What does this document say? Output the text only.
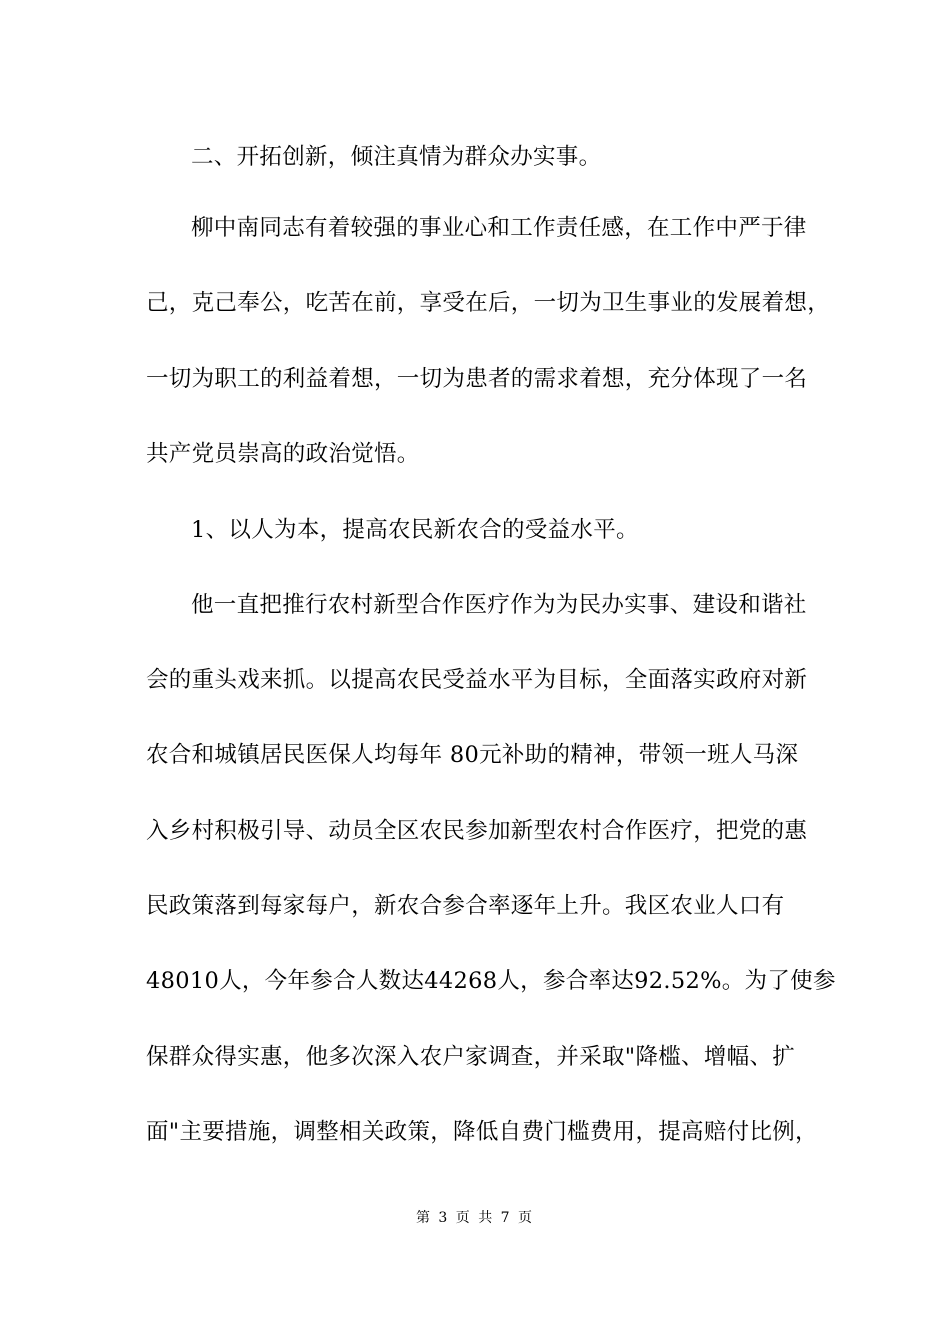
二、开拓创新，倾注真情为群众办实事。
柳中南同志有着较强的事业心和工作责任感，在工作中严于律
己，克己奉公，吃苦在前，享受在后，一切为卫生事业的发展着想，
一切为职工的利益着想，一切为患者的需求着想，充分体现了一名
共产党员崇高的政治觉悟。
1、以人为本，提高农民新农合的受益水平。
他一直把推行农村新型合作医疗作为为民办实事、建设和谐社
会的重头戏来抓。以提高农民受益水平为目标，全面落实政府对新
农合和城镇居民医保人均每年 80元补助的精神，带领一班人马深
入乡村积极引导、动员全区农民参加新型农村合作医疗，把党的惠
民政策落到每家每户，新农合参合率逐年上升。我区农业人口有
48010人，今年参合人数达44268人，参合率达92.52%。为了使参
保群众得实惠，他多次深入农户家调查，并采取"降槛、增幅、扩
面"主要措施，调整相关政策，降低自费门槛费用，提高赔付比例，
第 3 页 共 7 页
